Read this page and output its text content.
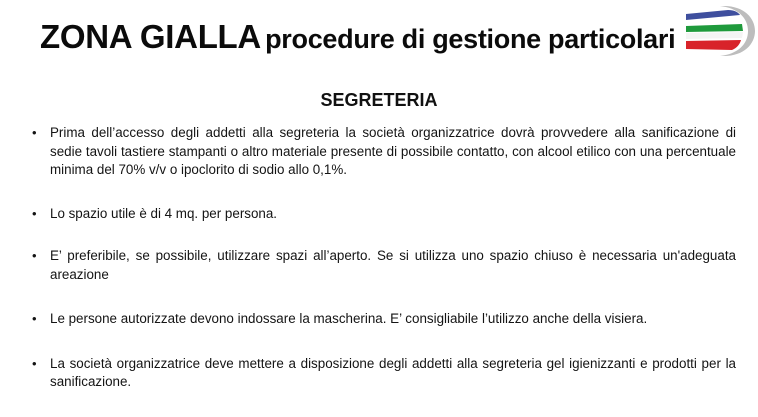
ZONA GIALLA procedure di gestione particolari
SEGRETERIA
• Prima dell’accesso degli addetti alla segreteria la società organizzatrice dovrà provvedere alla sanificazione di sedie tavoli tastiere stampanti o altro materiale presente di possibile contatto, con alcool etilico con una percentuale minima del 70% v/v o ipoclorito di sodio allo 0,1%.
• Lo spazio utile è di 4 mq. per persona.
• E’ preferibile, se possibile, utilizzare spazi all’aperto. Se si utilizza uno spazio chiuso è necessaria un'adeguata areazione
• Le persone autorizzate devono indossare la mascherina. E’ consigliabile l’utilizzo anche della visiera.
• La società organizzatrice deve mettere a disposizione degli addetti alla segreteria gel igienizzanti e prodotti per la sanificazione.
